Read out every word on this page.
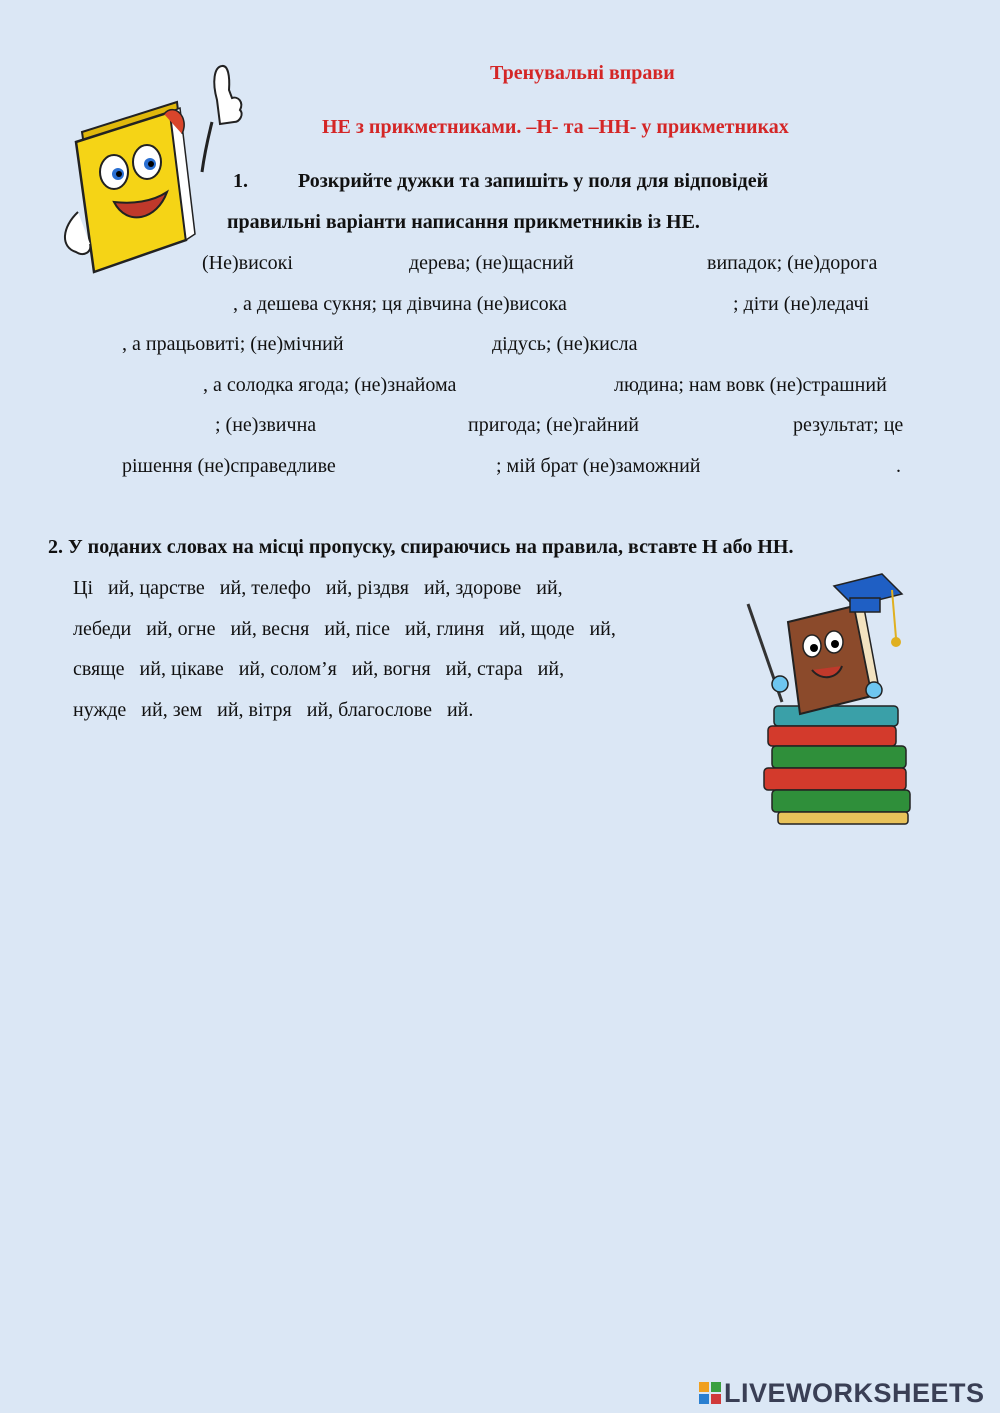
Тренувальні вправи
НЕ з прикметниками. –Н- та –НН- у прикметниках
1.	Розкрийте дужки та запишіть у поля для відповідей
правильні варіанти написання прикметників із НЕ.
(Не)високі	дерева; (не)щасний	випадок; (не)дорога
, а дешева сукня; ця дівчина (не)висока	; діти (не)ледачі
, а працьовиті; (не)мічний	дідусь; (не)кисла
, а солодка ягода; (не)знайома	людина; нам вовк (не)страшний
; (не)звична	пригода; (не)гайний	результат; це
рішення (не)справедливе	; мій брат (не)заможний	.
2. У поданих словах на місці пропуску, спираючись на правила, вставте Н або НН.
Ці   ий, царстве   ий, телефо   ий, різдвя   ий, здорове   ий,
лебеди   ий, огне   ий, весня   ий, пісе   ий, глиня   ий, щоде   ий,
свяще   ий, цікаве   ий, солом’я   ий, вогня   ий, стара   ий,
нужде   ий, зем   ий, вітря   ий, благослове   ий.
LIVEWORKSHEETS
